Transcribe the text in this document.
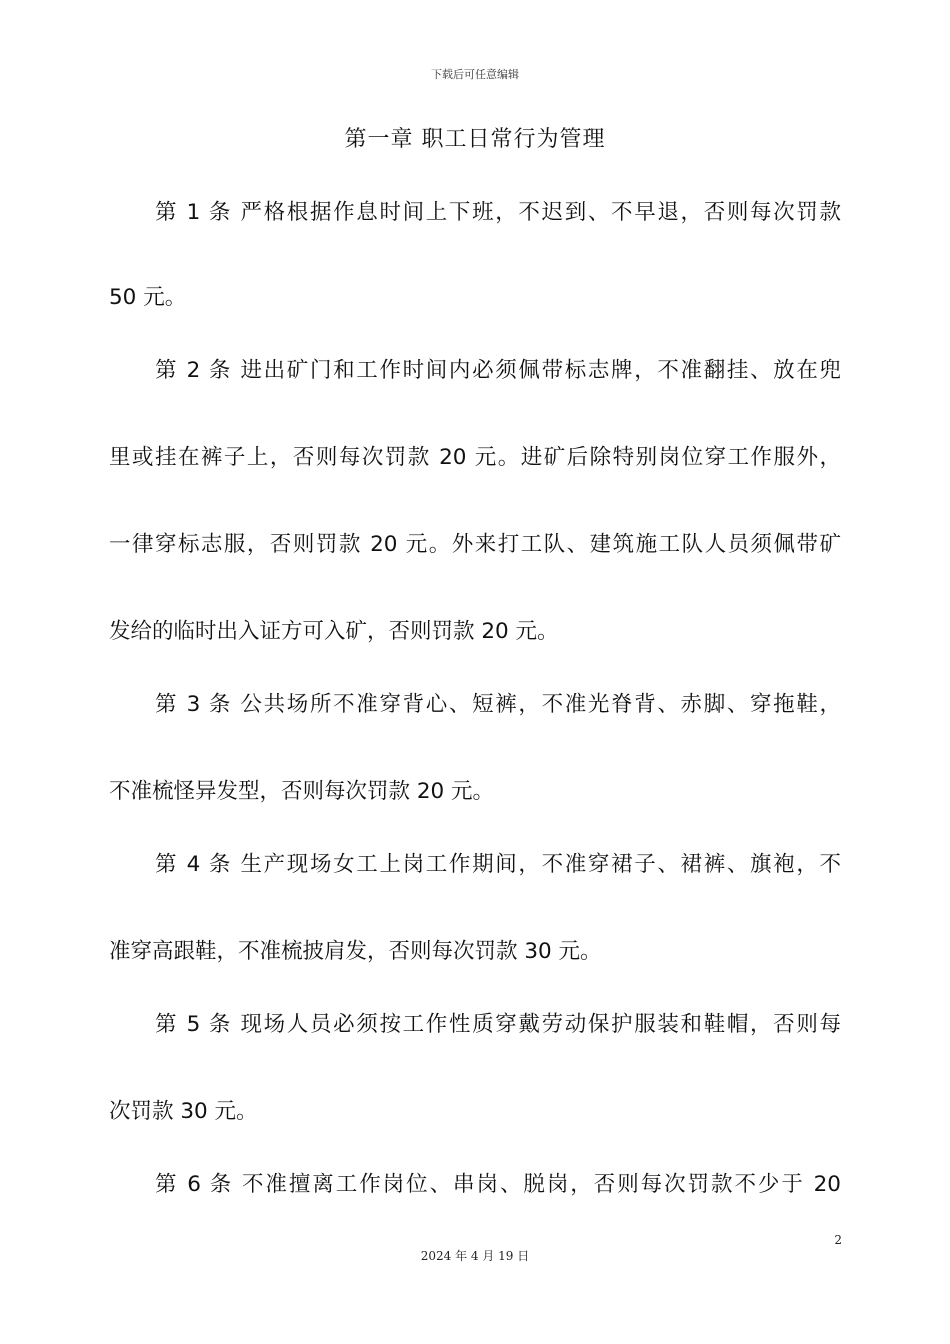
下载后可任意编辑
第一章 职工日常行为管理
第 1 条 严格根据作息时间上下班，不迟到、不早退，否则每次罚款
50 元。
第 2 条 进出矿门和工作时间内必须佩带标志牌，不准翻挂、放在兜
里或挂在裤子上，否则每次罚款 20 元。进矿后除特别岗位穿工作服外，
一律穿标志服，否则罚款 20 元。外来打工队、建筑施工队人员须佩带矿
发给的临时出入证方可入矿，否则罚款 20 元。
第 3 条 公共场所不准穿背心、短裤，不准光脊背、赤脚、穿拖鞋，
不准梳怪异发型，否则每次罚款 20 元。
第 4 条 生产现场女工上岗工作期间，不准穿裙子、裙裤、旗袍，不
准穿高跟鞋，不准梳披肩发，否则每次罚款 30 元。
第 5 条 现场人员必须按工作性质穿戴劳动保护服装和鞋帽，否则每
次罚款 30 元。
第 6 条 不准擅离工作岗位、串岗、脱岗，否则每次罚款不少于 20
2
2024 年 4 月 19 日
